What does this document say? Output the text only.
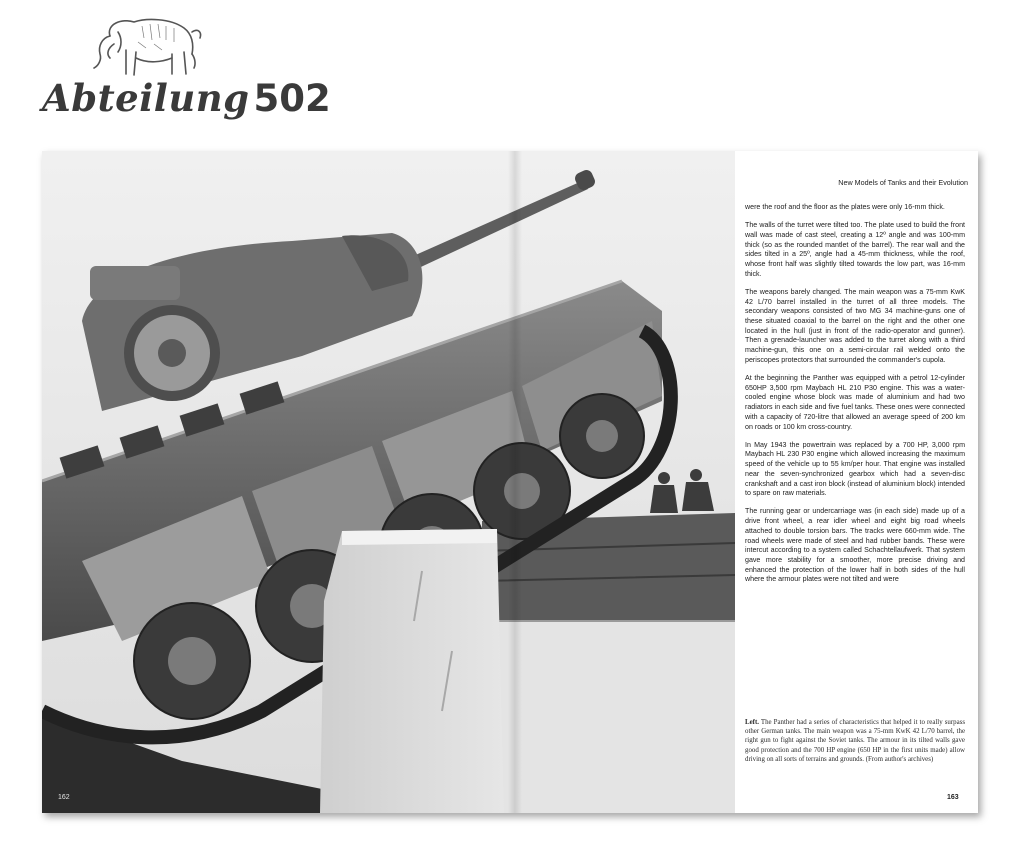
Abteilung 502
162
New Models of Tanks and their Evolution

were the roof and the floor as the plates were only 16-mm thick.

The walls of the turret were tilted too. The plate used to build the front wall was made of cast steel, creating a 12º angle and was 100-mm thick (so as the rounded mantlet of the barrel). The rear wall and the sides tilted in a 25º, angle had a 45-mm thickness, while the roof, whose front half was slightly tilted towards the low part, was 16-mm thick.

The weapons barely changed. The main weapon was a 75-mm KwK 42 L/70 barrel installed in the turret of all three models. The secondary weapons consisted of two MG 34 machine-guns one of these situated coaxial to the barrel on the right and the other one located in the hull (just in front of the radio-operator and gunner). Then a grenade-launcher was added to the turret along with a third machine-gun, this one on a semi-circular rail welded onto the periscopes protectors that surrounded the commander's cupola.

At the beginning the Panther was equipped with a petrol 12-cylinder 650HP 3,500 rpm Maybach HL 210 P30 engine. This was a water-cooled engine whose block was made of aluminium and had two radiators in each side and five fuel tanks. These ones were connected with a capacity of 720-litre that allowed an average speed of 200 km on roads or 100 km cross-country.

In May 1943 the powertrain was replaced by a 700 HP, 3,000 rpm Maybach HL 230 P30 engine which allowed increasing the maximum speed of the vehicle up to 55 km/per hour. That engine was installed near the seven-synchronized gearbox which had a seven-disc crankshaft and a cast iron block (instead of aluminium block) intended to spare on raw materials.

The running gear or undercarriage was (in each side) made up of a drive front wheel, a rear idler wheel and eight big road wheels attached to double torsion bars. The tracks were 660-mm wide. The road wheels were made of steel and had rubber bands. These were intercut according to a system called Schachtellaufwerk. That system gave more stability for a smoother, more precise driving and enhanced the protection of the lower half in both sides of the hull where the armour plates were not tilted and were

Left. The Panther had a series of characteristics that helped it to really surpass other German tanks. The main weapon was a 75-mm KwK 42 L/70 barrel, the right gun to fight against the Soviet tanks. The armour in its tilted walls gave good protection and the 700 HP engine (650 HP in the first units made) allow driving on all sorts of terrains and grounds. (From author's archives)
163
